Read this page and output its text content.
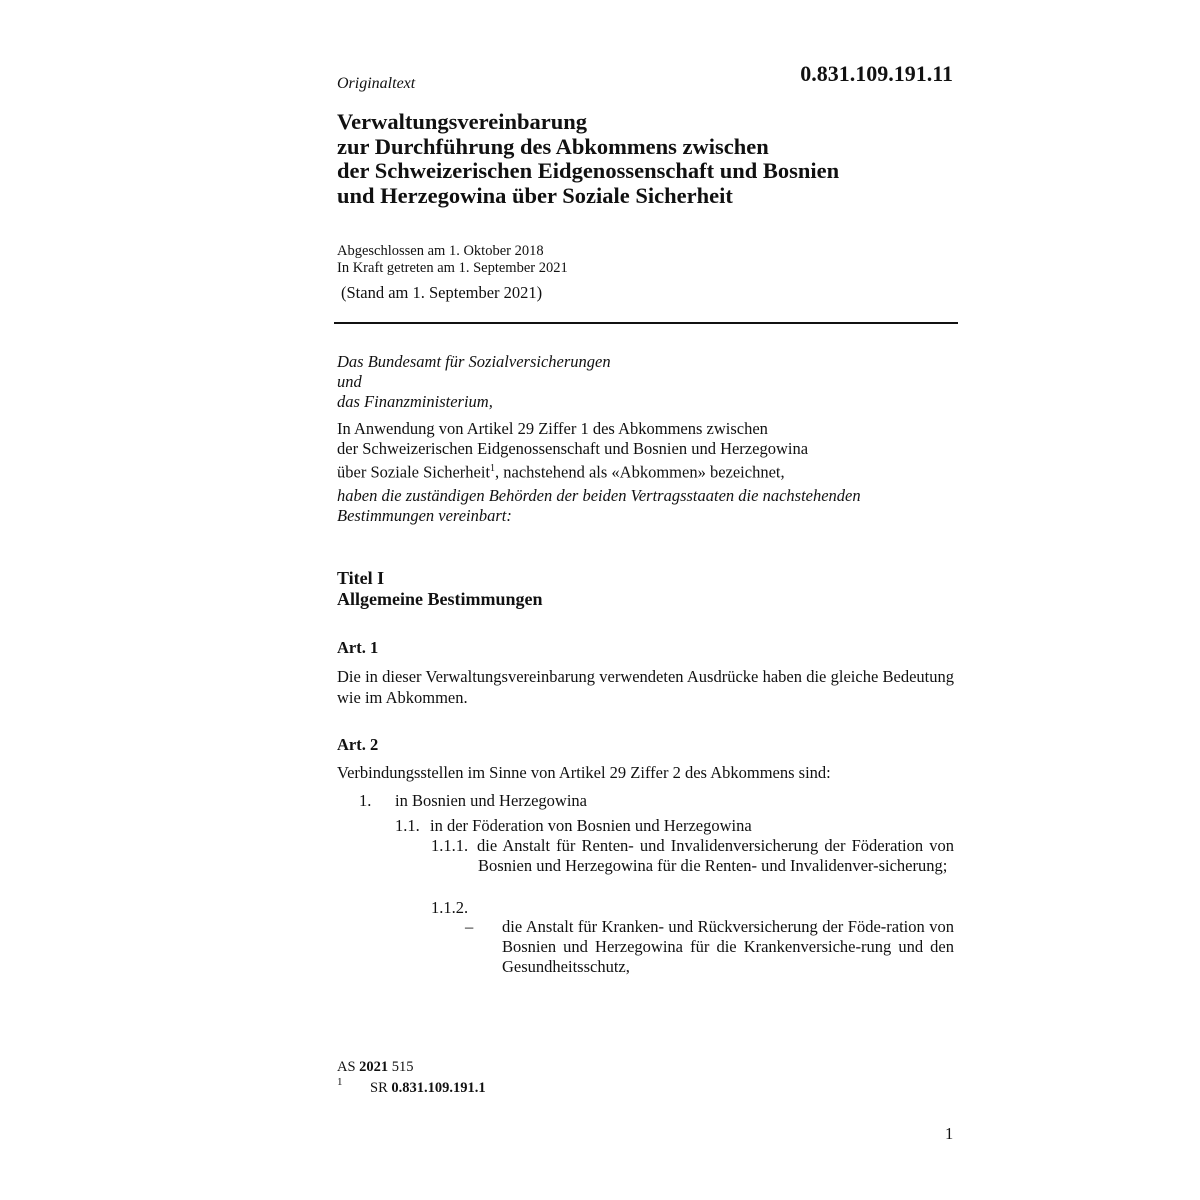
Originaltext	0.831.109.191.11
Verwaltungsvereinbarung
zur Durchführung des Abkommens zwischen
der Schweizerischen Eidgenossenschaft und Bosnien
und Herzegowina über Soziale Sicherheit
Abgeschlossen am 1. Oktober 2018
In Kraft getreten am 1. September 2021
(Stand am 1. September 2021)
Das Bundesamt für Sozialversicherungen
und
das Finanzministerium,
In Anwendung von Artikel 29 Ziffer 1 des Abkommens zwischen
der Schweizerischen Eidgenossenschaft und Bosnien und Herzegowina
über Soziale Sicherheit$^1$, nachstehend als «Abkommen» bezeichnet,
haben die zuständigen Behörden der beiden Vertragsstaaten die nachstehenden
Bestimmungen vereinbart:
Titel I
Allgemeine Bestimmungen
Art. 1
Die in dieser Verwaltungsvereinbarung verwendeten Ausdrücke haben die gleiche Bedeutung wie im Abkommen.
Art. 2
Verbindungsstellen im Sinne von Artikel 29 Ziffer 2 des Abkommens sind:
1. in Bosnien und Herzegowina
1.1. in der Föderation von Bosnien und Herzegowina
1.1.1. die Anstalt für Renten- und Invalidenversicherung der Föderation von Bosnien und Herzegowina für die Renten- und Invalidenver-sicherung;
1.1.2.
– die Anstalt für Kranken- und Rückversicherung der Föde-ration von Bosnien und Herzegowina für die Krankenversiche-rung und den Gesundheitsschutz,
AS 2021 515
1 SR 0.831.109.191.1
1
